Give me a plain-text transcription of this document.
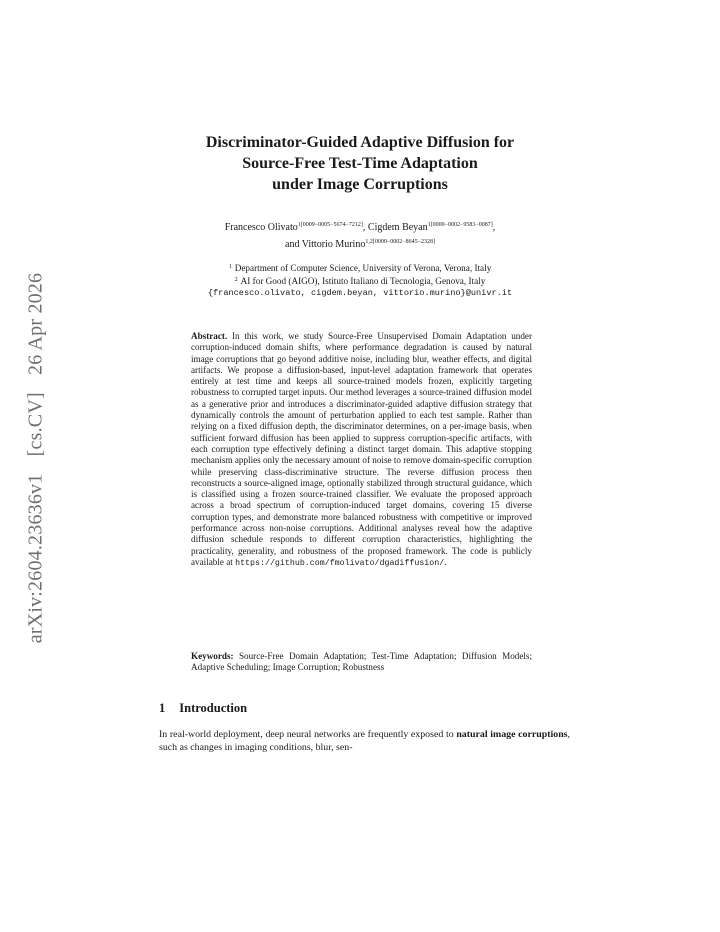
arXiv:2604.23636v1 [cs.CV] 26 Apr 2026
Discriminator-Guided Adaptive Diffusion for
Source-Free Test-Time Adaptation
under Image Corruptions
Francesco Olivato$^{1[0009-0005-5674-7212]}$, Cigdem Beyan$^{1[0000-0002-9583-0087]}$,
and Vittorio Murino$^{1,2[0000-0002-8645-2328]}$
$^1$ Department of Computer Science, University of Verona, Verona, Italy
$^2$ AI for Good (AIGO), Istituto Italiano di Tecnologia, Genova, Italy
{francesco.olivato, cigdem.beyan, vittorio.murino}@univr.it
Abstract. In this work, we study Source-Free Unsupervised Domain Adaptation under corruption-induced domain shifts, where performance degradation is caused by natural image corruptions that go beyond additive noise, including blur, weather effects, and digital artifacts. We propose a diffusion-based, input-level adaptation framework that operates entirely at test time and keeps all source-trained models frozen, explicitly targeting robustness to corrupted target inputs. Our method leverages a source-trained diffusion model as a generative prior and introduces a discriminator-guided adaptive diffusion strategy that dynamically controls the amount of perturbation applied to each test sample. Rather than relying on a fixed diffusion depth, the discriminator determines, on a per-image basis, when sufficient forward diffusion has been applied to suppress corruption-specific artifacts, with each corruption type effectively defining a distinct target domain. This adaptive stopping mechanism applies only the necessary amount of noise to remove domain-specific corruption while preserving class-discriminative structure. The reverse diffusion process then reconstructs a source-aligned image, optionally stabilized through structural guidance, which is classified using a frozen source-trained classifier. We evaluate the proposed approach across a broad spectrum of corruption-induced target domains, covering 15 diverse corruption types, and demonstrate more balanced robustness with competitive or improved performance across non-noise corruptions. Additional analyses reveal how the adaptive diffusion schedule responds to different corruption characteristics, highlighting the practicality, generality, and robustness of the proposed framework. The code is publicly available at https://github.com/fmolivato/dgadiffusion/.
Keywords: Source-Free Domain Adaptation; Test-Time Adaptation; Diffusion Models; Adaptive Scheduling; Image Corruption; Robustness
1 Introduction
In real-world deployment, deep neural networks are frequently exposed to natural image corruptions, such as changes in imaging conditions, blur, sen-
